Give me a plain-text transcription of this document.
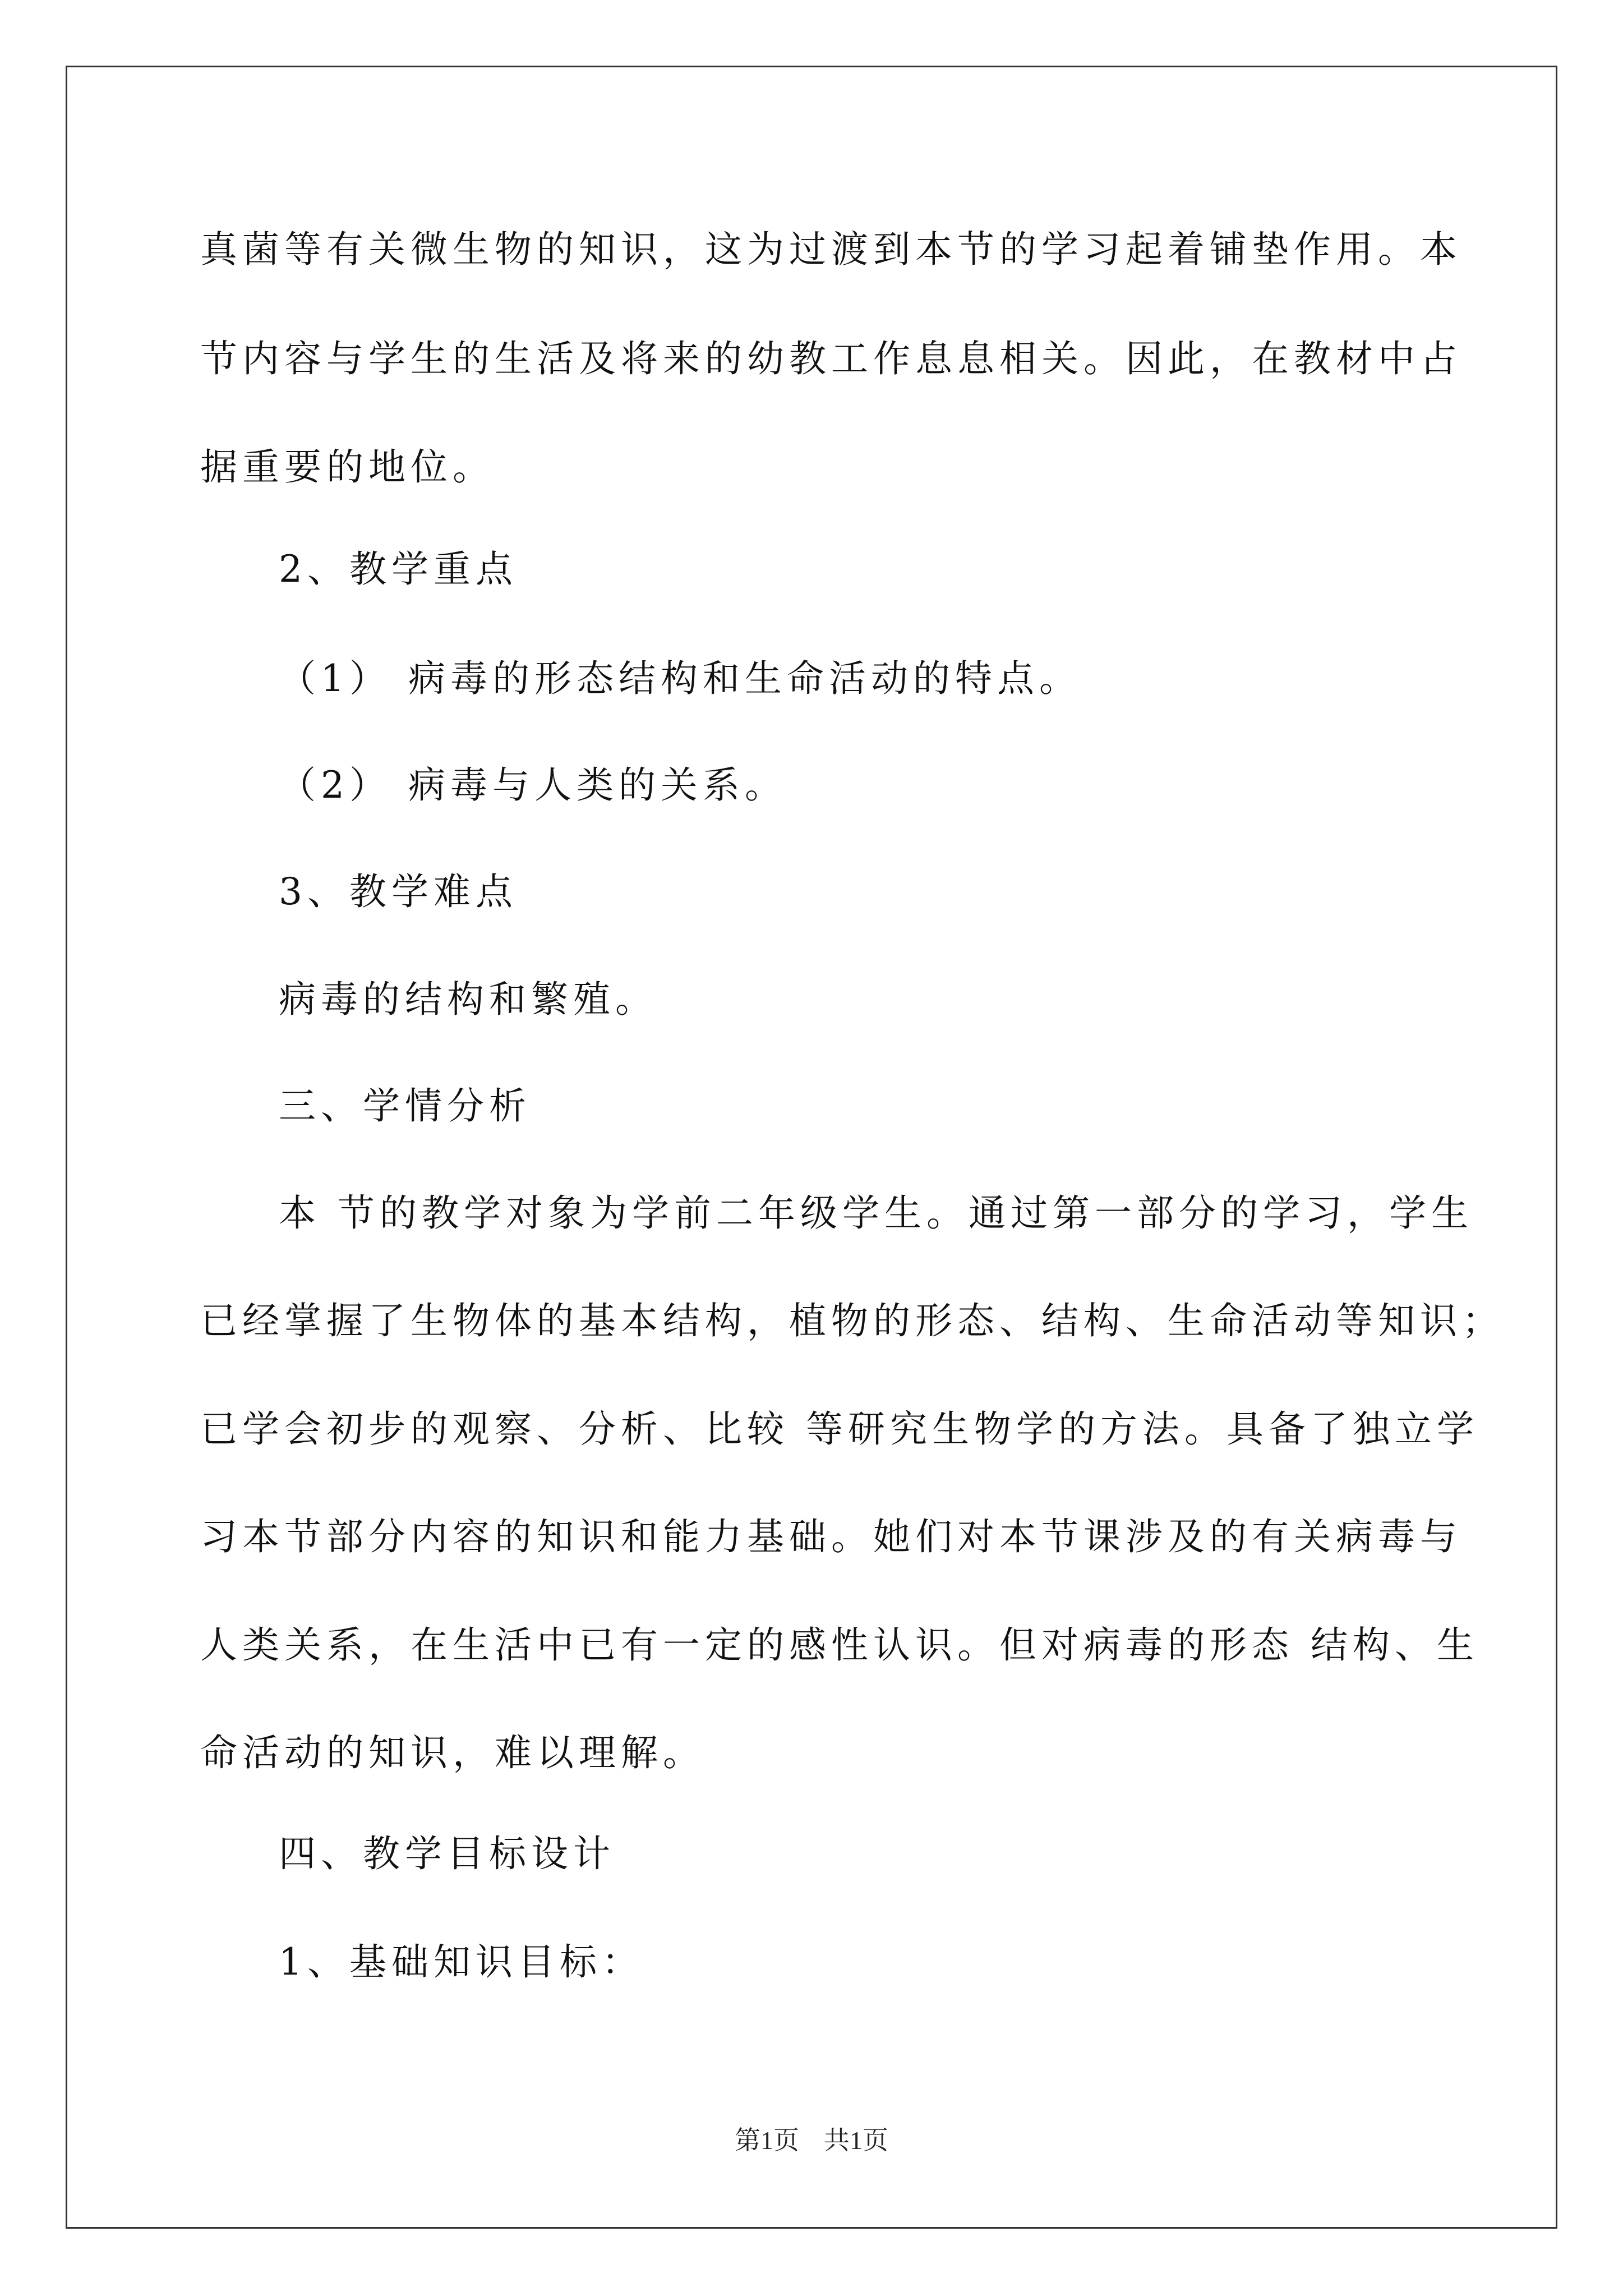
真菌等有关微生物的知识，这为过渡到本节的学习起着铺垫作用。本
节内容与学生的生活及将来的幼教工作息息相关。因此，在教材中占
据重要的地位。
2、教学重点
（1） 病毒的形态结构和生命活动的特点。
（2） 病毒与人类的关系。
3、教学难点
病毒的结构和繁殖。
三、学情分析
本 节的教学对象为学前二年级学生。通过第一部分的学习，学生
已经掌握了生物体的基本结构，植物的形态、结构、生命活动等知识；
已学会初步的观察、分析、比较 等研究生物学的方法。具备了独立学
习本节部分内容的知识和能力基础。她们对本节课涉及的有关病毒与
人类关系，在生活中已有一定的感性认识。但对病毒的形态 结构、生
命活动的知识，难以理解。
四、教学目标设计
1、基础知识目标：
第1页 共1页
